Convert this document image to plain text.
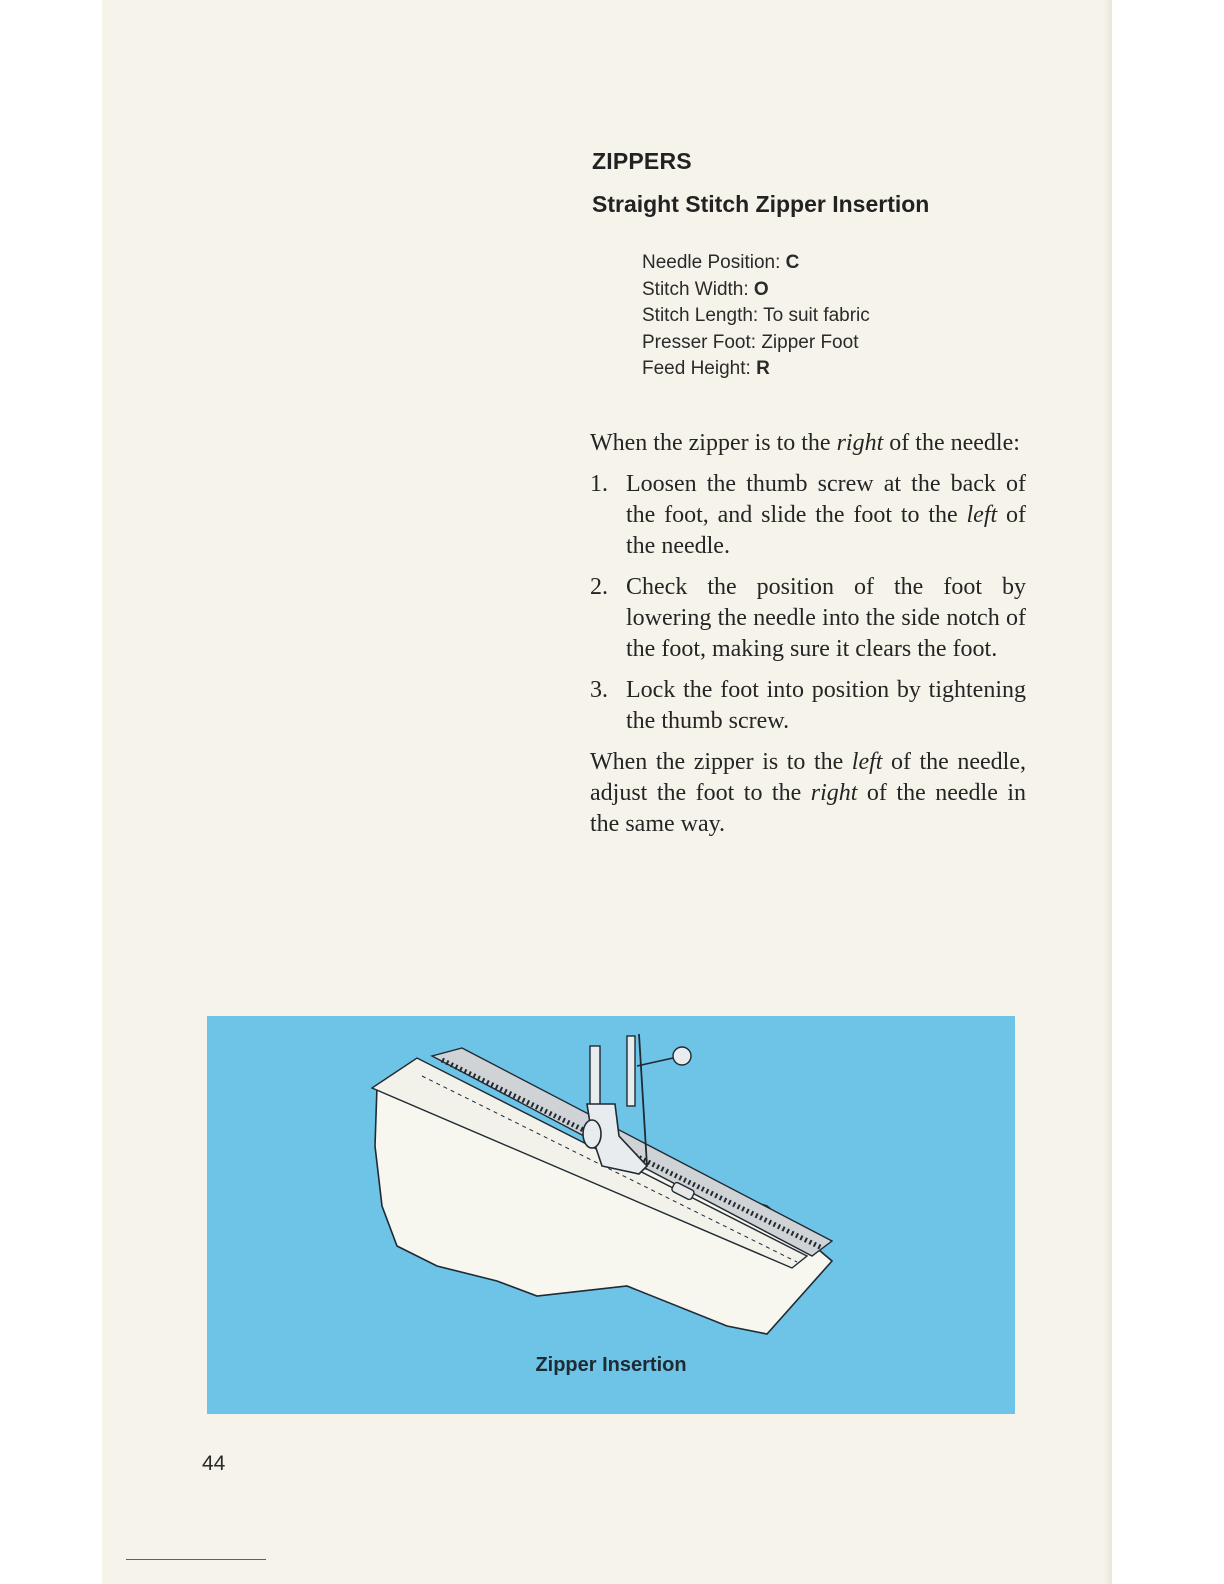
ZIPPERS
Straight Stitch Zipper Insertion
Needle Position: C
Stitch Width: O
Stitch Length: To suit fabric
Presser Foot: Zipper Foot
Feed Height: R

When the zipper is to the right of the needle:

1. Loosen the thumb screw at the back of the foot, and slide the foot to the left of the needle.
2. Check the position of the foot by lowering the needle into the side notch of the foot, making sure it clears the foot.
3. Lock the foot into position by tightening the thumb screw.

When the zipper is to the left of the needle, adjust the foot to the right of the needle in the same way.

Zipper Insertion
44
